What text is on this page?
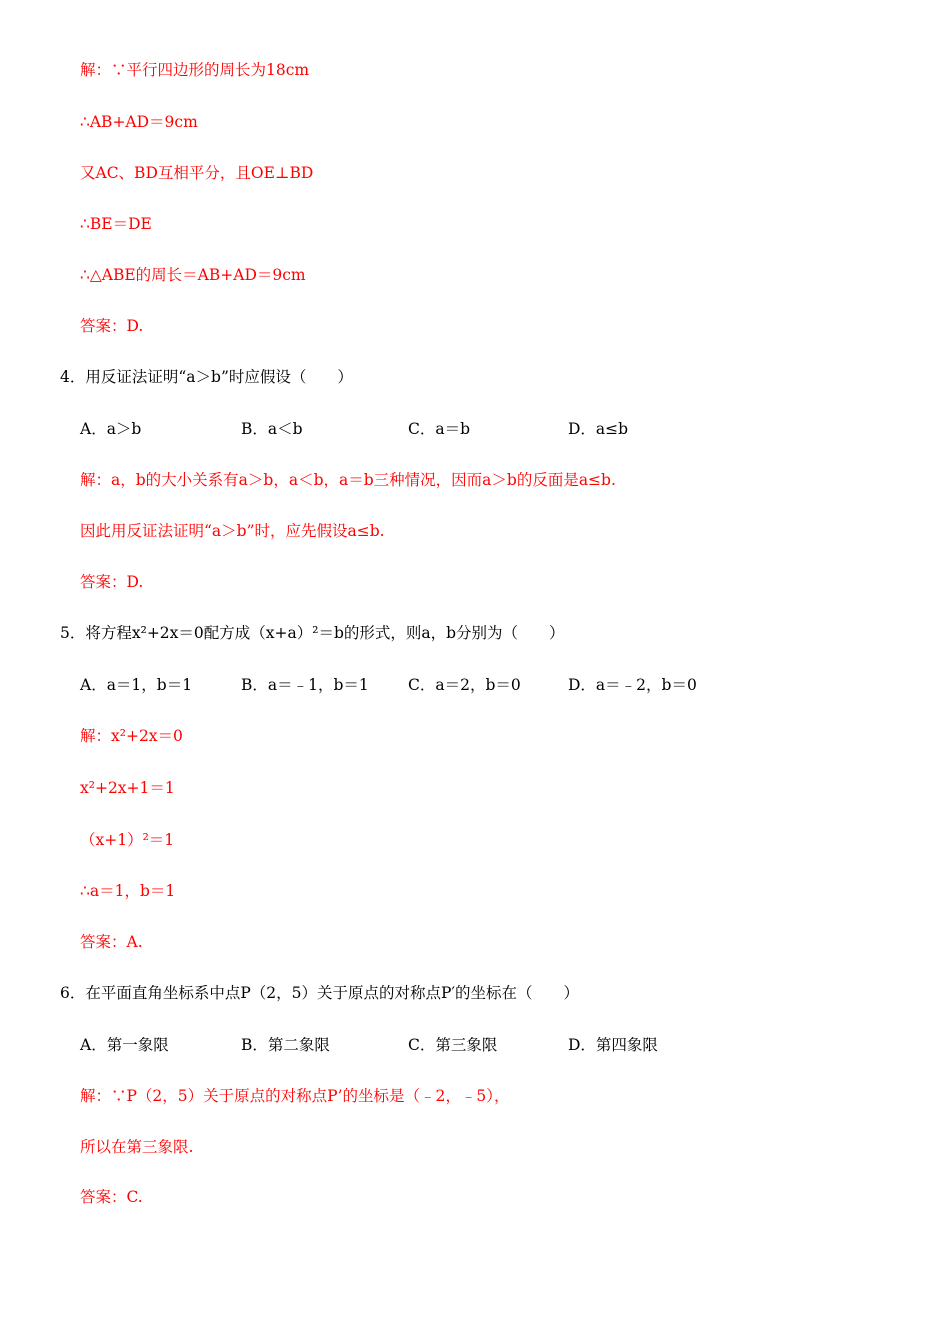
解：∵平行四边形的周长为18cm
∴AB+AD＝9cm
又AC、BD互相平分，且OE⊥BD
∴BE＝DE
∴△ABE的周长＝AB+AD＝9cm
答案：D.
4．用反证法证明“a＞b”时应假设（　　）
A．a＞b	B．a＜b	C．a＝b	D．a≤b
解：a，b的大小关系有a＞b，a＜b，a＝b三种情况，因而a＞b的反面是a≤b.
因此用反证法证明“a＞b”时，应先假设a≤b.
答案：D.
5．将方程x²+2x＝0配方成（x+a）²＝b的形式，则a，b分别为（　　）
A．a＝1，b＝1	B．a＝﹣1，b＝1	C．a＝2，b＝0	D．a＝﹣2，b＝0
解：x²+2x＝0
x²+2x+1＝1
（x+1）²＝1
∴a＝1，b＝1
答案：A.
6．在平面直角坐标系中点P（2，5）关于原点的对称点P′的坐标在（　　）
A．第一象限	B．第二象限	C．第三象限	D．第四象限
解：∵P（2，5）关于原点的对称点P’的坐标是（﹣2，﹣5），
所以在第三象限.
答案：C.
